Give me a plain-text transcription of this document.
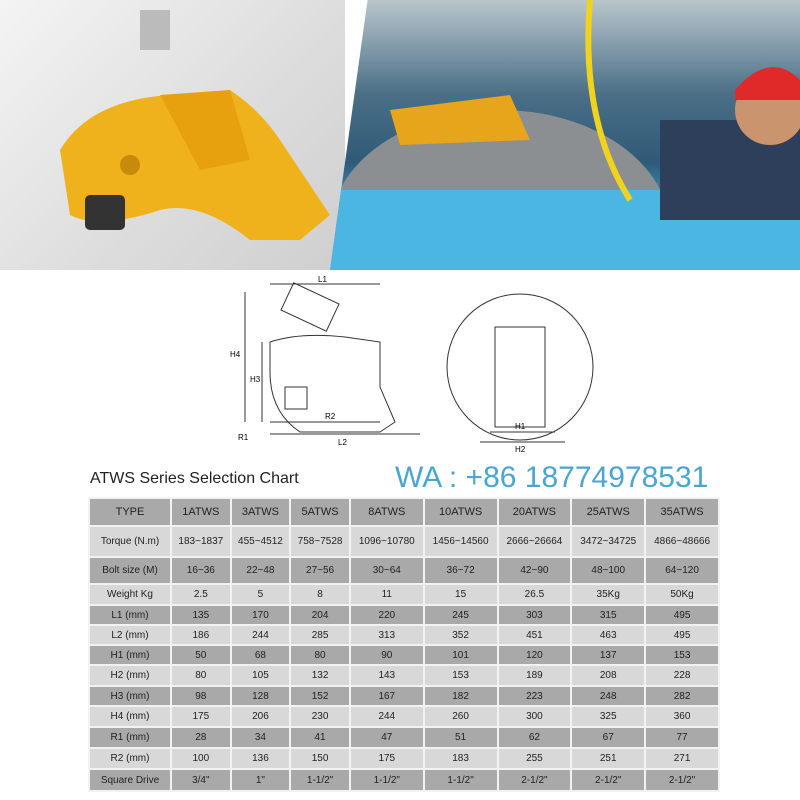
L1
L2
R2
H4
H3
R1
H1
H2
ATWS Series Selection Chart
TYPE	1ATWS	3ATWS	5ATWS	8ATWS	10ATWS	20ATWS	25ATWS	35ATWS
Torque (N.m)	183~1837	455~4512	758~7528	1096~10780	1456~14560	2666~26664	3472~34725	4866~48666
Bolt size (M)	16~36	22~48	27~56	30~64	36~72	42~90	48~100	64~120
Weight Kg	2.5	5	8	11	15	26.5	35Kg	50Kg
L1 (mm)	135	170	204	220	245	303	315	495
L2 (mm)	186	244	285	313	352	451	463	495
H1 (mm)	50	68	80	90	101	120	137	153
H2 (mm)	80	105	132	143	153	189	208	228
H3 (mm)	98	128	152	167	182	223	248	282
H4 (mm)	175	206	230	244	260	300	325	360
R1 (mm)	28	34	41	47	51	62	67	77
R2 (mm)	100	136	150	175	183	255	251	271
Square Drive	3/4"	1"	1-1/2"	1-1/2"	1-1/2"	2-1/2"	2-1/2"	2-1/2"
WA : +86 18774978531
